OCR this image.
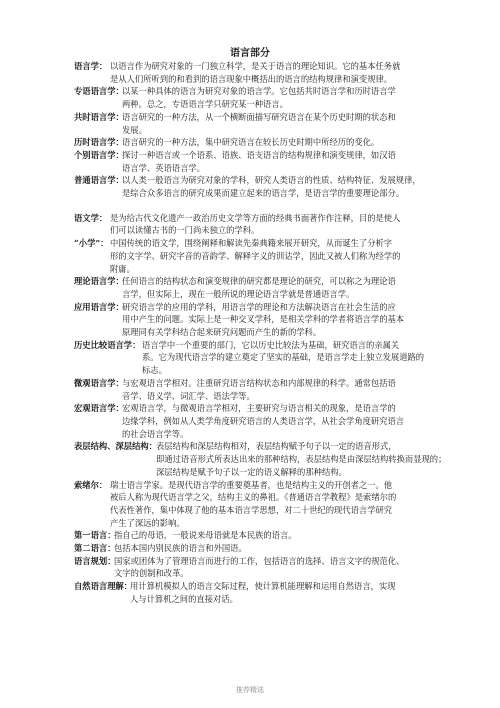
语言部分
语言学： 以语言作为研究对象的一门独立科学，是关于语言的理论知识。它的基本任务就
是从人们所听到的和看到的语言现象中概括出的语言的结构规律和演变规律。
专语语言学：
以某一种具体的语言为研究对象的语言学。它包括共时语言学和历时语言学
两种。总之，专语语言学只研究某一种语言。
共时语言学：
语言研究的一种方法，从一个横断面描写研究语言在某个历史时期的状态和
发展。
历时语言学：
语言研究的一种方法，集中研究语言在较长历史时期中所经历的变化。
个别语言学：
探讨一种语言或一个语系、语族、语支语言的结构规律和演变规律，如汉语
语言学、英语语言学。
普通语言学：
以人类一般语言为研究对象的学科，研究人类语言的性质、结构特征、发展规律，
是综合众多语言的研究成果而建立起来的语言学，是语言学的重要理论部分。
语文学： 是为给古代文化遗产一政治历史文学等方面的经典书面著作作注释，目的是使人
们可以读懂古书的一门尚未独立的学科。
“小学”： 中国传统的语文学，围绕阐释和解读先秦典籍来展开研究，从而诞生了分析字
形的文字学、研究字音的音韵学、解释字义的训诂学，因此又被人们称为经学的
附庸。
理论语言学：
任何语言的结构状态和演变规律的研究都是理论的研究，可以称之为理论语
言学，但实际上，现在一般所说的理论语言学就是普通语言学。
应用语言学：
研究语言学的应用的学科，用语言学的理论和方法解决语言在社会生活的应
用中产生的问题。实际上是一种交叉学科，是相关学科的学者将语言学的基本
原理同有关学科结合起来研究问题而产生的新的学科。
历史比较语言学： 语言学中一个重要的部门，它以历史比较法为基础，研究语言的亲属关
系。它为现代语言学的建立奠定了坚实的基础，是语言学走上独立发展道路的
标志。
微观语言学：
与宏观语言学相对。注重研究语言结构状态和内部规律的科学。通常包括语
音学、语义学、词汇学、语法学等。
宏观语言学：
宏观语言学，与微观语言学相对，主要研究与语言相关的现象，是语言学的
边缘学科，例如从人类学角度研究语言的人类语言学，从社会学角度研究语言
的社会语言学等。
表层结构、深层结构： 表层结构和深层结构相对，表层结构赋予句子以一定的语音形式，
即通过语音形式所表达出来的那种结构，表层结构是由深层结构转换而显现的；
深层结构是赋予句子以一定的语义解释的那种结构。
索绪尔： 瑞士语言学家。是现代语言学的重要奠基者，也是结构主义的开创者之一。他
被后人称为现代语言学之父，结构主义的鼻祖。《普通语言学教程》是索绪尔的
代表性著作，集中体现了他的基本语言学思想，对二十世纪的现代语言学研究
产生了深远的影响。
第一语言：
指自己的母语，一般说来母语就是本民族的语言。
第二语言：
包括本国内别民族的语言和外国语。
语言规划：
国家或团体为了管理语言而进行的工作，包括语言的选择、语言文字的规范化、
文字的创制和改革。
自然语言理解：
用计算机模拟人的语言交际过程，使计算机能理解和运用自然语言，实现
人与计算机之间的直接对话。
推荐精选
